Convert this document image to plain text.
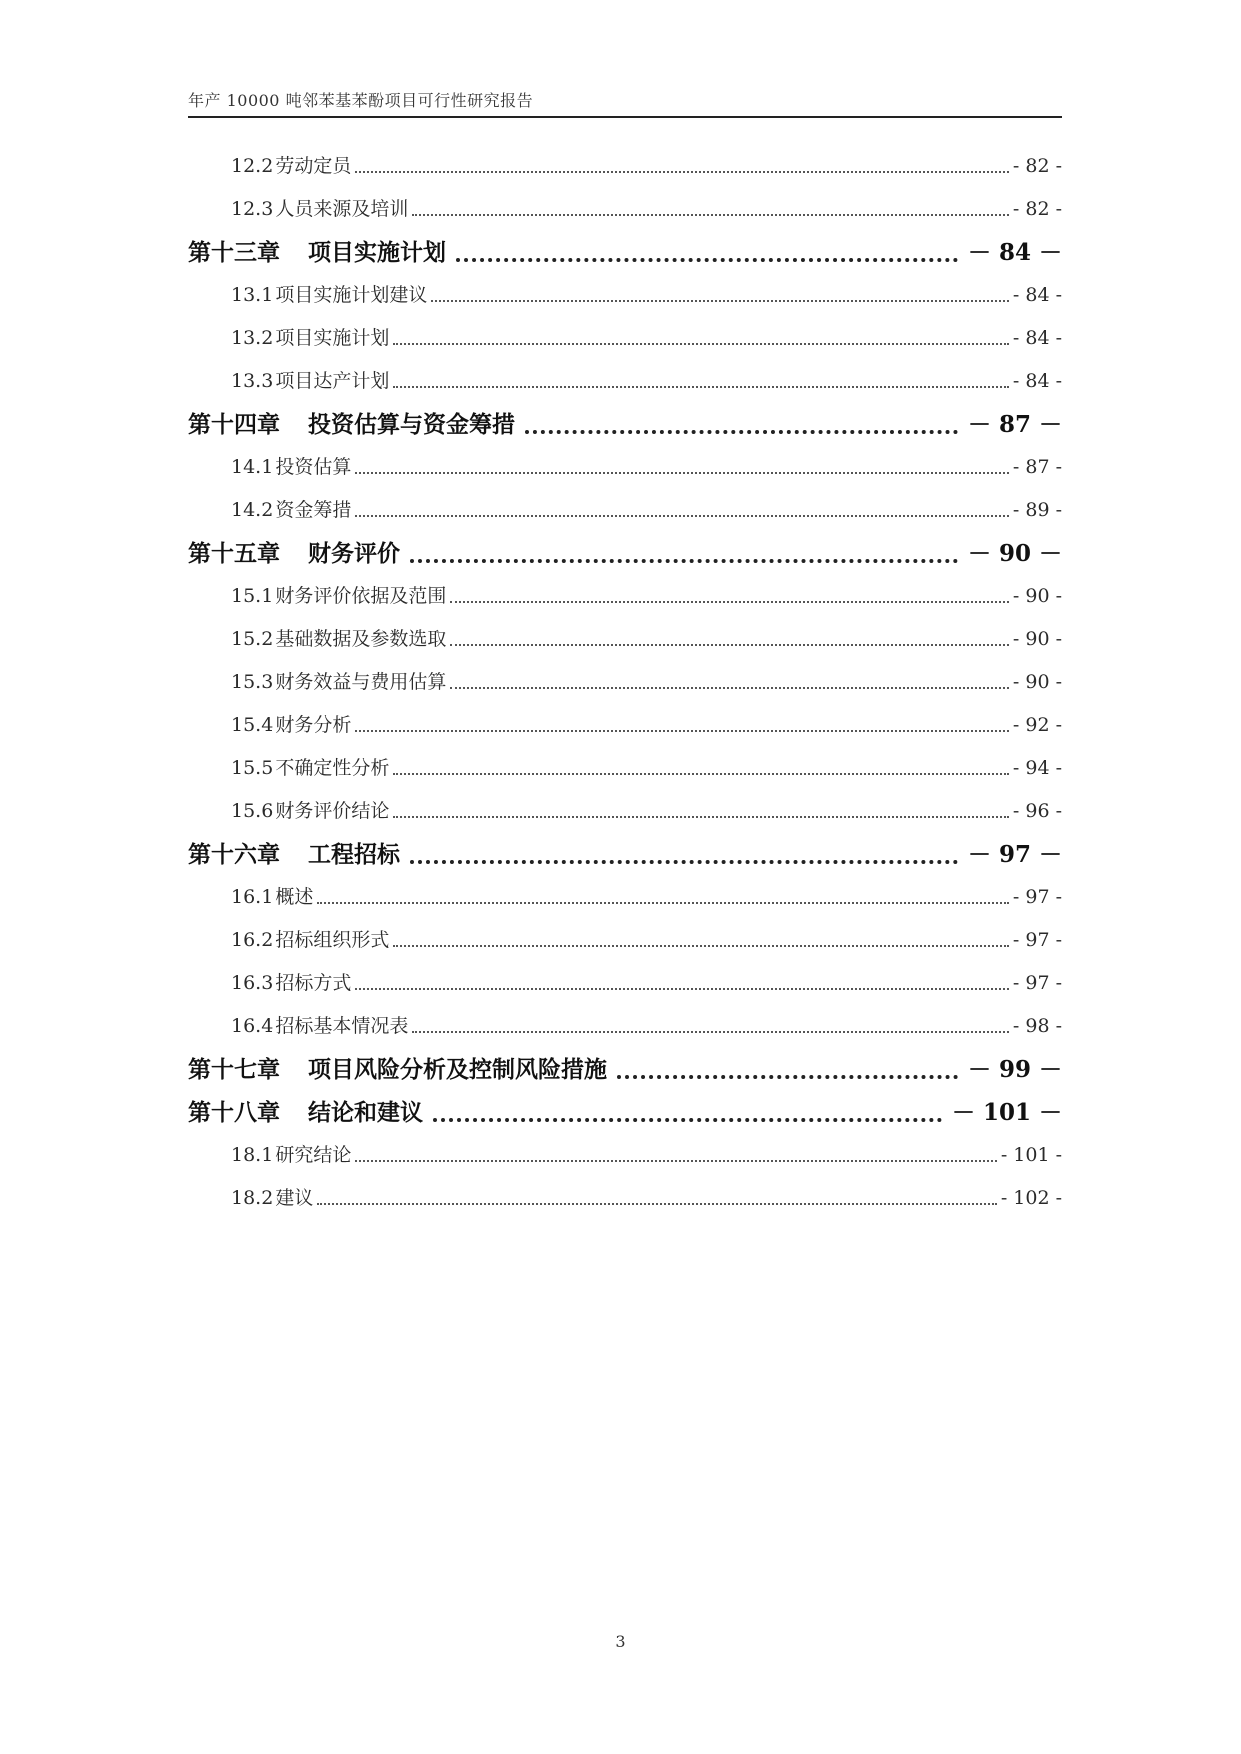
年产 10000 吨邻苯基苯酚项目可行性研究报告
12.2 劳动定员	- 82 -
12.3 人员来源及培训	- 82 -
第十三章 项目实施计划	－ 84 －
13.1 项目实施计划建议	- 84 -
13.2 项目实施计划	- 84 -
13.3 项目达产计划	- 84 -
第十四章 投资估算与资金筹措	－ 87 －
14.1 投资估算	- 87 -
14.2 资金筹措	- 89 -
第十五章 财务评价	－ 90 －
15.1 财务评价依据及范围	- 90 -
15.2 基础数据及参数选取	- 90 -
15.3 财务效益与费用估算	- 90 -
15.4 财务分析	- 92 -
15.5 不确定性分析	- 94 -
15.6 财务评价结论	- 96 -
第十六章 工程招标	－ 97 －
16.1 概述	- 97 -
16.2 招标组织形式	- 97 -
16.3 招标方式	- 97 -
16.4 招标基本情况表	- 98 -
第十七章 项目风险分析及控制风险措施	－ 99 －
第十八章 结论和建议	－ 101 －
18.1 研究结论	- 101 -
18.2 建议	- 102 -
3
